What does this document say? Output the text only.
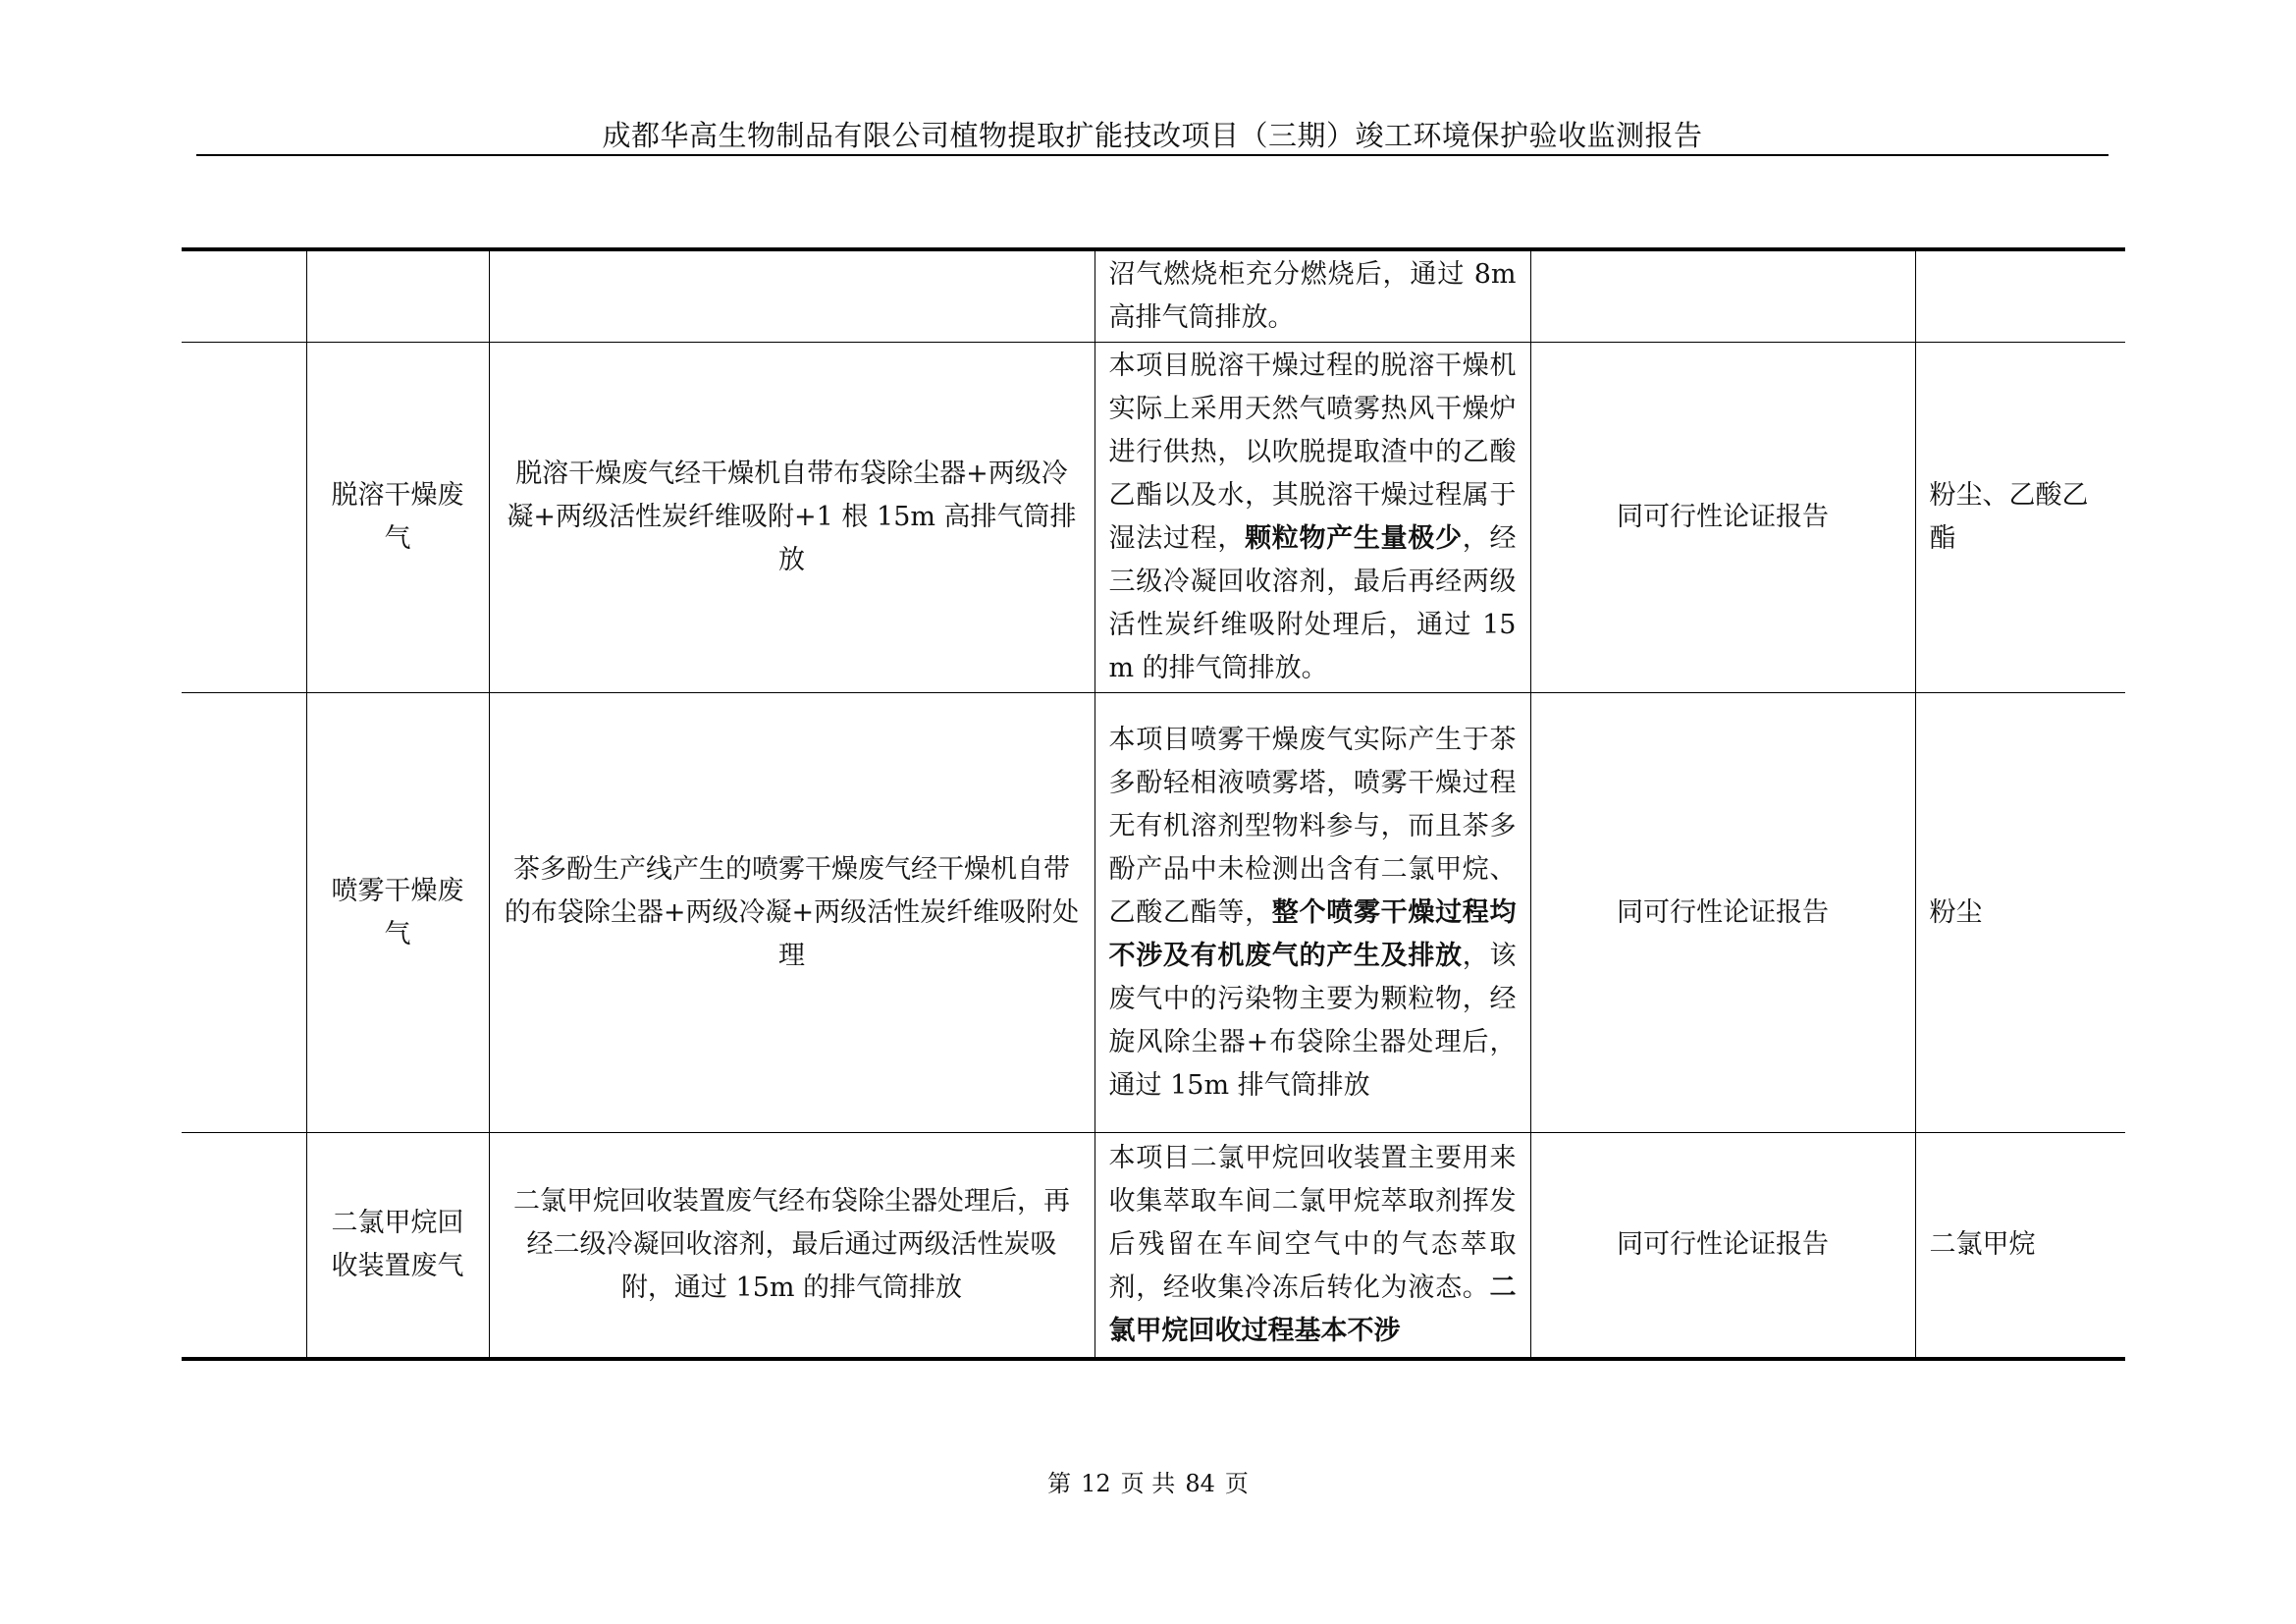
成都华高生物制品有限公司植物提取扩能技改项目（三期）竣工环境保护验收监测报告
			沼气燃烧柜充分燃烧后，通过 8m 高排气筒排放。		
	脱溶干燥废气	脱溶干燥废气经干燥机自带布袋除尘器+两级冷凝+两级活性炭纤维吸附+1 根 15m 高排气筒排放	本项目脱溶干燥过程的脱溶干燥机实际上采用天然气喷雾热风干燥炉进行供热，以吹脱提取渣中的乙酸乙酯以及水，其脱溶干燥过程属于湿法过程，颗粒物产生量极少，经三级冷凝回收溶剂，最后再经两级活性炭纤维吸附处理后，通过 15m 的排气筒排放。	同可行性论证报告	粉尘、乙酸乙酯
	喷雾干燥废气	茶多酚生产线产生的喷雾干燥废气经干燥机自带的布袋除尘器+两级冷凝+两级活性炭纤维吸附处理	本项目喷雾干燥废气实际产生于茶多酚轻相液喷雾塔，喷雾干燥过程无有机溶剂型物料参与，而且茶多酚产品中未检测出含有二氯甲烷、乙酸乙酯等，整个喷雾干燥过程均不涉及有机废气的产生及排放，该废气中的污染物主要为颗粒物，经旋风除尘器+布袋除尘器处理后，通过 15m 排气筒排放	同可行性论证报告	粉尘
	二氯甲烷回收装置废气	二氯甲烷回收装置废气经布袋除尘器处理后，再经二级冷凝回收溶剂，最后通过两级活性炭吸附，通过 15m 的排气筒排放	本项目二氯甲烷回收装置主要用来收集萃取车间二氯甲烷萃取剂挥发后残留在车间空气中的气态萃取剂，经收集冷冻后转化为液态。二氯甲烷回收过程基本不涉	同可行性论证报告	二氯甲烷
第 12 页 共 84 页
